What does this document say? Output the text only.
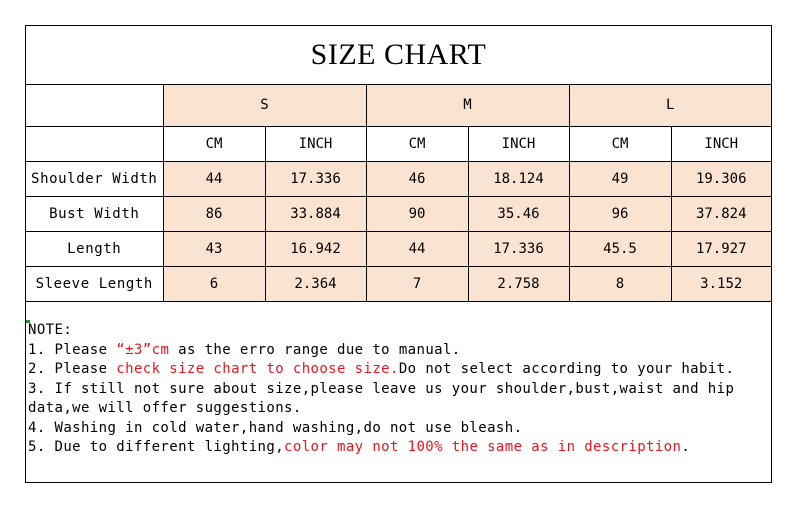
SIZE CHART
	S		M		L	
	CM	INCH	CM	INCH	CM	INCH
Shoulder Width	44	17.336	46	18.124	49	19.306
Bust Width	86	33.884	90	35.46	96	37.824
Length	43	16.942	44	17.336	45.5	17.927
Sleeve Length	6	2.364	7	2.758	8	3.152
NOTE:
1. Please “±3”cm as the erro range due to manual.
2. Please check size chart to choose size.Do not select according to your habit.
3. If still not sure about size,please leave us your shoulder,bust,waist and hip data,we will offer suggestions.
4. Washing in cold water,hand washing,do not use bleash.
5. Due to different lighting,color may not 100% the same as in description.
